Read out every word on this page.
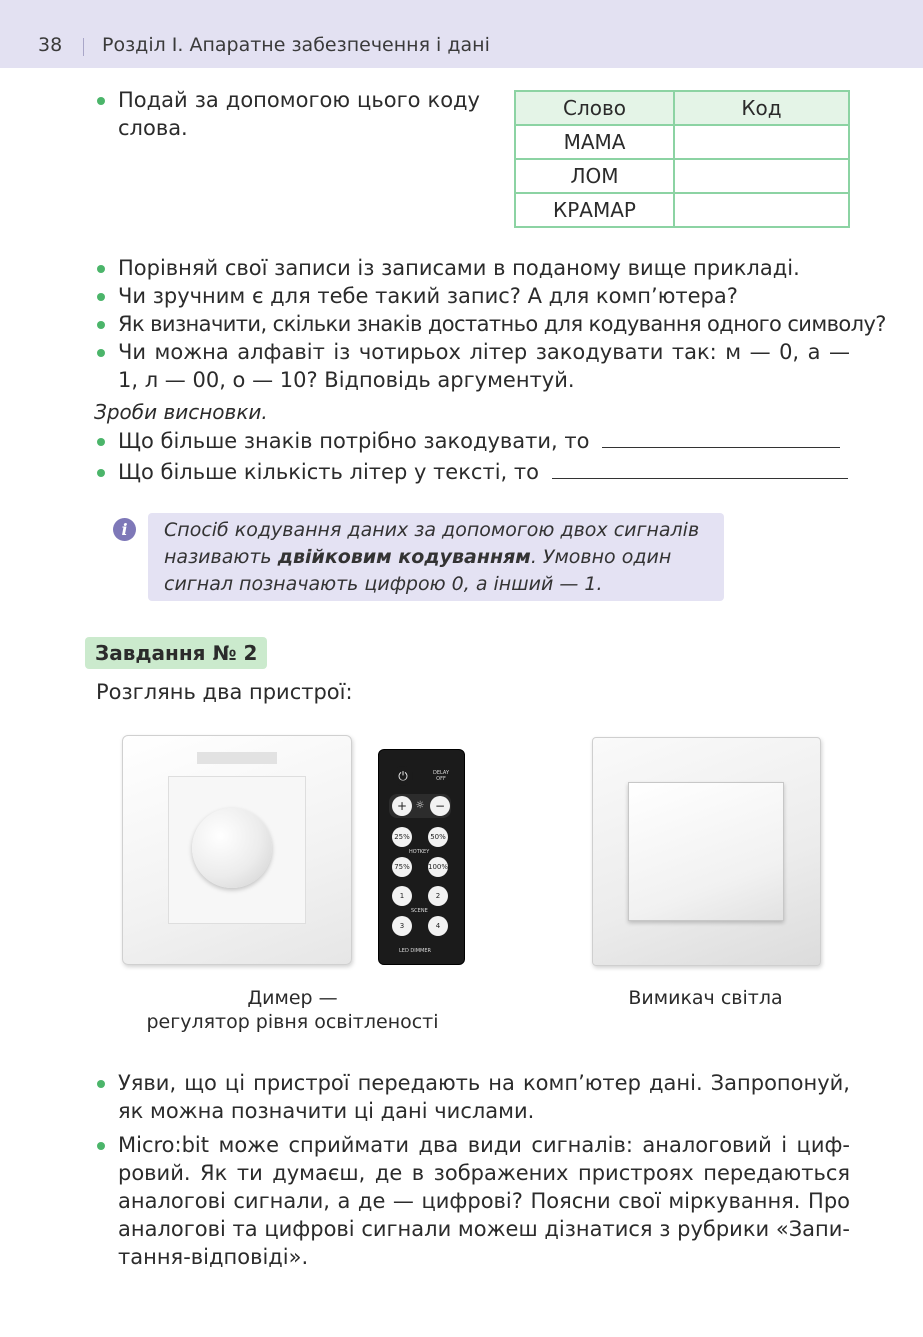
38 Розділ І. Апаратне забезпечення і дані
Подай за допомогою цього коду
слова.
Слово	Код
МАМА	
ЛОМ	
КРАМАР	
Порівняй свої записи із записами в поданому вище прикладі.
Чи зручним є для тебе такий запис? А для комп’ютера?
Як визначити, скільки знаків достатньо для кодування одного символу?
Чи можна алфавіт із чотирьох літер закодувати так: м — 0, а — 1, л — 00, о — 10? Відповідь аргументуй.
Зроби висновки.
Що більше знаків потрібно закодувати, то
Що більше кількість літер у тексті, то
i	Спосіб кодування даних за допомогою двох сигналів називають двійковим кодуванням. Умовно один сигнал позначають цифрою 0, а інший — 1.
Завдання № 2
Розглянь два пристрої:
⏻	DELAY OFF
+ ☼ −
25%	50%
HOTKEY
75%	100%
1	2
SCENE
3	4
LED DIMMER
Димер —
регулятор рівня освітленості
Вимикач світла
Уяви, що ці пристрої передають на комп’ютер дані. Запропонуй, як можна позначити ці дані числами.
Micro:bit може сприймати два види сигналів: аналоговий і цифровий. Як ти думаєш, де в зображених пристроях передаються аналогові сигнали, а де — цифрові? Поясни свої міркування. Про аналогові та цифрові сигнали можеш дізнатися з рубрики «Запитання-відповіді».
